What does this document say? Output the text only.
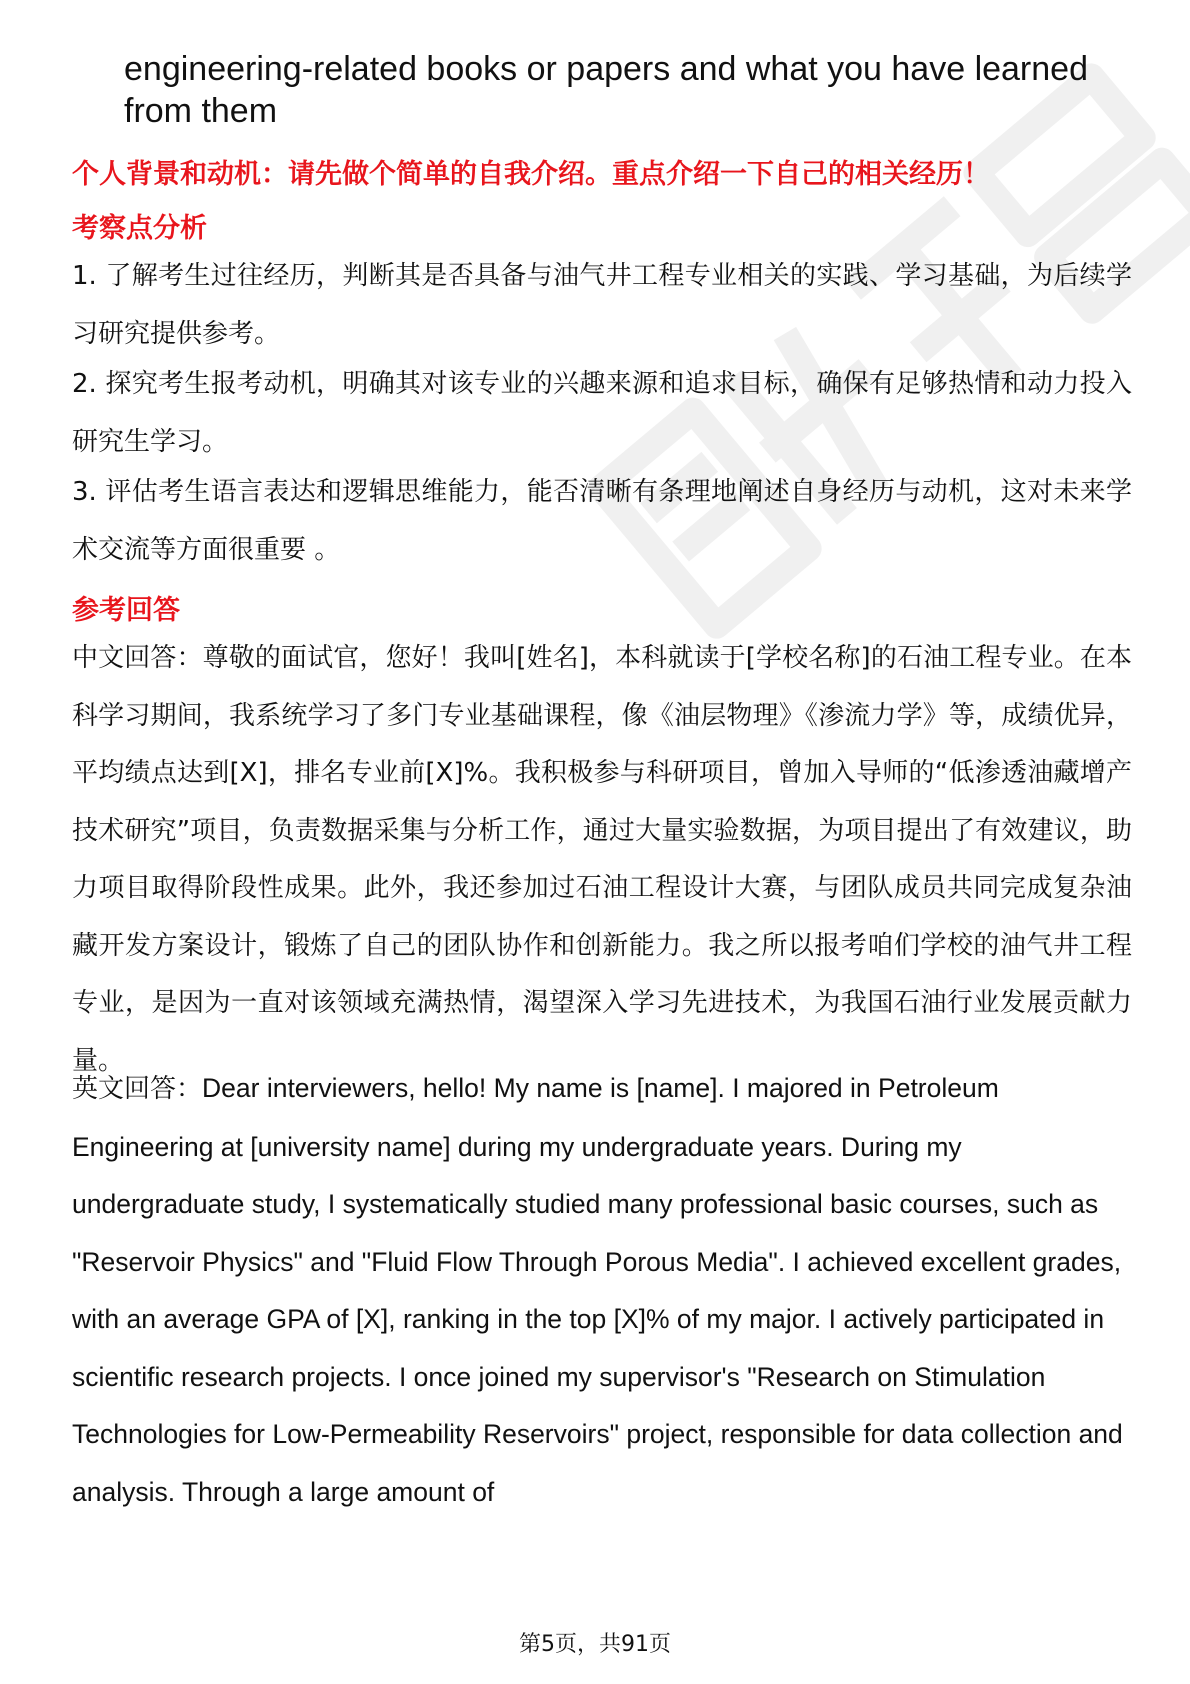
engineering-related books or papers and what you have learned from them

个人背景和动机：请先做个简单的自我介绍。重点介绍一下自己的相关经历！
考察点分析

1. 了解考生过往经历，判断其是否具备与油气井工程专业相关的实践、学习基础，为后续学习研究提供参考。

2. 探究考生报考动机，明确其对该专业的兴趣来源和追求目标，确保有足够热情和动力投入研究生学习。

3. 评估考生语言表达和逻辑思维能力，能否清晰有条理地阐述自身经历与动机，这对未来学术交流等方面很重要 。

参考回答

中文回答：尊敬的面试官，您好！我叫[姓名]，本科就读于[学校名称]的石油工程专业。在本科学习期间，我系统学习了多门专业基础课程，像《油层物理》《渗流力学》等，成绩优异，平均绩点达到[X]，排名专业前[X]%。我积极参与科研项目，曾加入导师的“低渗透油藏增产技术研究”项目，负责数据采集与分析工作，通过大量实验数据，为项目提出了有效建议，助力项目取得阶段性成果。此外，我还参加过石油工程设计大赛，与团队成员共同完成复杂油藏开发方案设计，锻炼了自己的团队协作和创新能力。我之所以报考咱们学校的油气井工程专业，是因为一直对该领域充满热情，渴望深入学习先进技术，为我国石油行业发展贡献力量。

英文回答：Dear interviewers, hello! My name is [name]. I majored in Petroleum Engineering at [university name] during my undergraduate years. During my undergraduate study, I systematically studied many professional basic courses, such as "Reservoir Physics" and "Fluid Flow Through Porous Media". I achieved excellent grades, with an average GPA of [X], ranking in the top [X]% of my major. I actively participated in scientific research projects. I once joined my supervisor's "Research on Stimulation Technologies for Low-Permeability Reservoirs" project, responsible for data collection and analysis. Through a large amount of

第5页，共91页
